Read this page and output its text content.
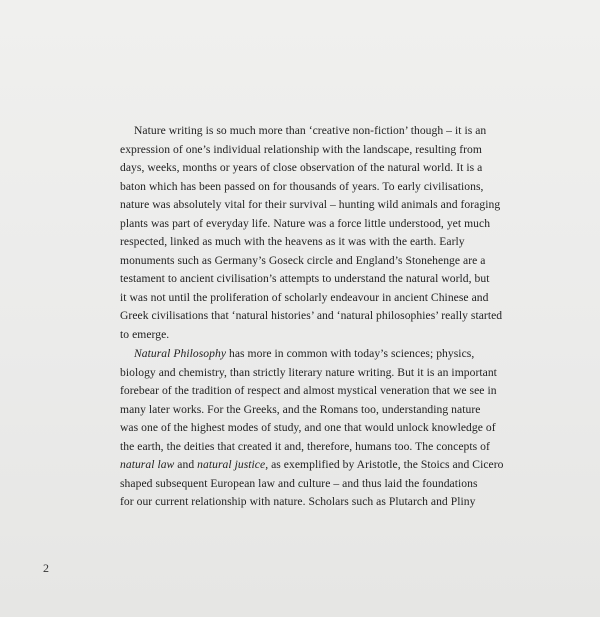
Nature writing is so much more than ‘creative non-fiction’ though – it is an
expression of one’s individual relationship with the landscape, resulting from
days, weeks, months or years of close observation of the natural world. It is a
baton which has been passed on for thousands of years. To early civilisations,
nature was absolutely vital for their survival – hunting wild animals and foraging
plants was part of everyday life. Nature was a force little understood, yet much
respected, linked as much with the heavens as it was with the earth. Early
monuments such as Germany’s Goseck circle and England’s Stonehenge are a
testament to ancient civilisation’s attempts to understand the natural world, but
it was not until the proliferation of scholarly endeavour in ancient Chinese and
Greek civilisations that ‘natural histories’ and ‘natural philosophies’ really started
to emerge.
Natural Philosophy has more in common with today’s sciences; physics,
biology and chemistry, than strictly literary nature writing. But it is an important
forebear of the tradition of respect and almost mystical veneration that we see in
many later works. For the Greeks, and the Romans too, understanding nature
was one of the highest modes of study, and one that would unlock knowledge of
the earth, the deities that created it and, therefore, humans too. The concepts of
natural law and natural justice, as exemplified by Aristotle, the Stoics and Cicero
shaped subsequent European law and culture – and thus laid the foundations
for our current relationship with nature. Scholars such as Plutarch and Pliny
2
